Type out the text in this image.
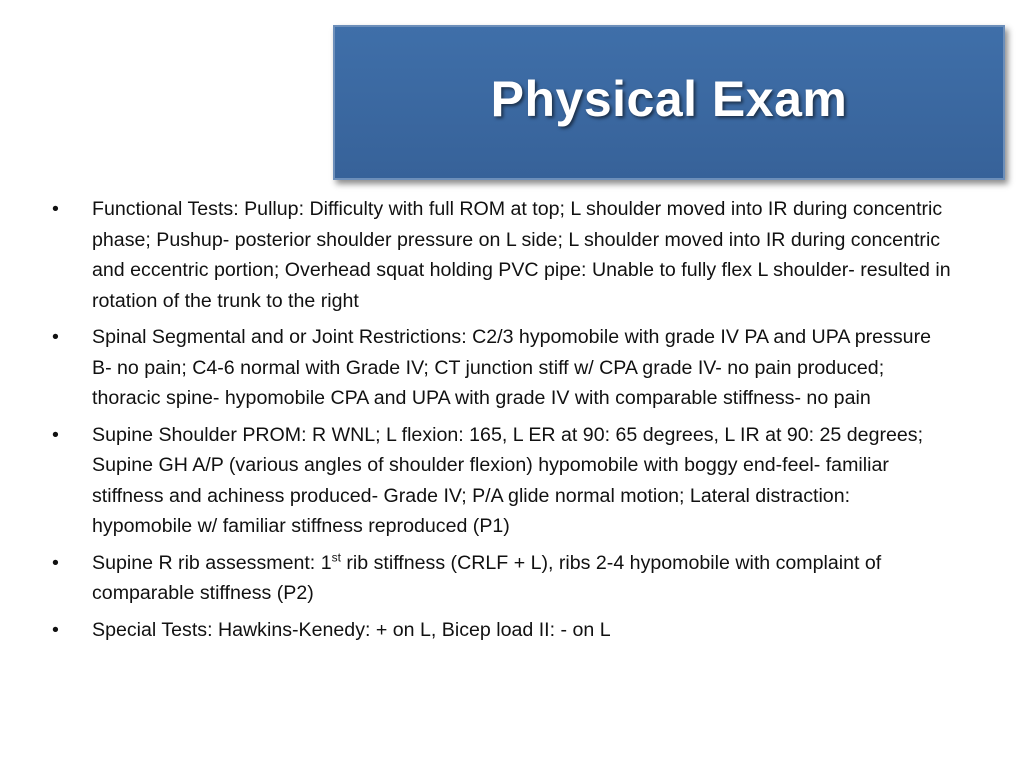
Physical Exam
•	Functional Tests: Pullup: Difficulty with full ROM at top; L shoulder moved into IR during concentric phase; Pushup- posterior shoulder pressure on L side; L shoulder moved into IR during concentric and eccentric portion; Overhead squat holding PVC pipe: Unable to fully flex L shoulder- resulted in rotation of the trunk to the right
•	Spinal Segmental and or Joint Restrictions: C2/3 hypomobile with grade IV PA and UPA pressure B- no pain; C4-6 normal with Grade IV; CT junction stiff w/ CPA grade IV- no pain produced; thoracic spine- hypomobile CPA and UPA with grade IV with comparable stiffness- no pain
•	Supine Shoulder PROM: R WNL; L flexion: 165, L ER at 90: 65 degrees, L IR at 90: 25 degrees; Supine GH A/P (various angles of shoulder flexion) hypomobile with boggy end-feel- familiar stiffness and achiness produced- Grade IV; P/A glide normal motion; Lateral distraction: hypomobile w/ familiar stiffness reproduced (P1)
•	Supine R rib assessment: 1st rib stiffness (CRLF + L), ribs 2-4 hypomobile with complaint of comparable stiffness (P2)
•	Special Tests: Hawkins-Kenedy: + on L, Bicep load II: - on L
